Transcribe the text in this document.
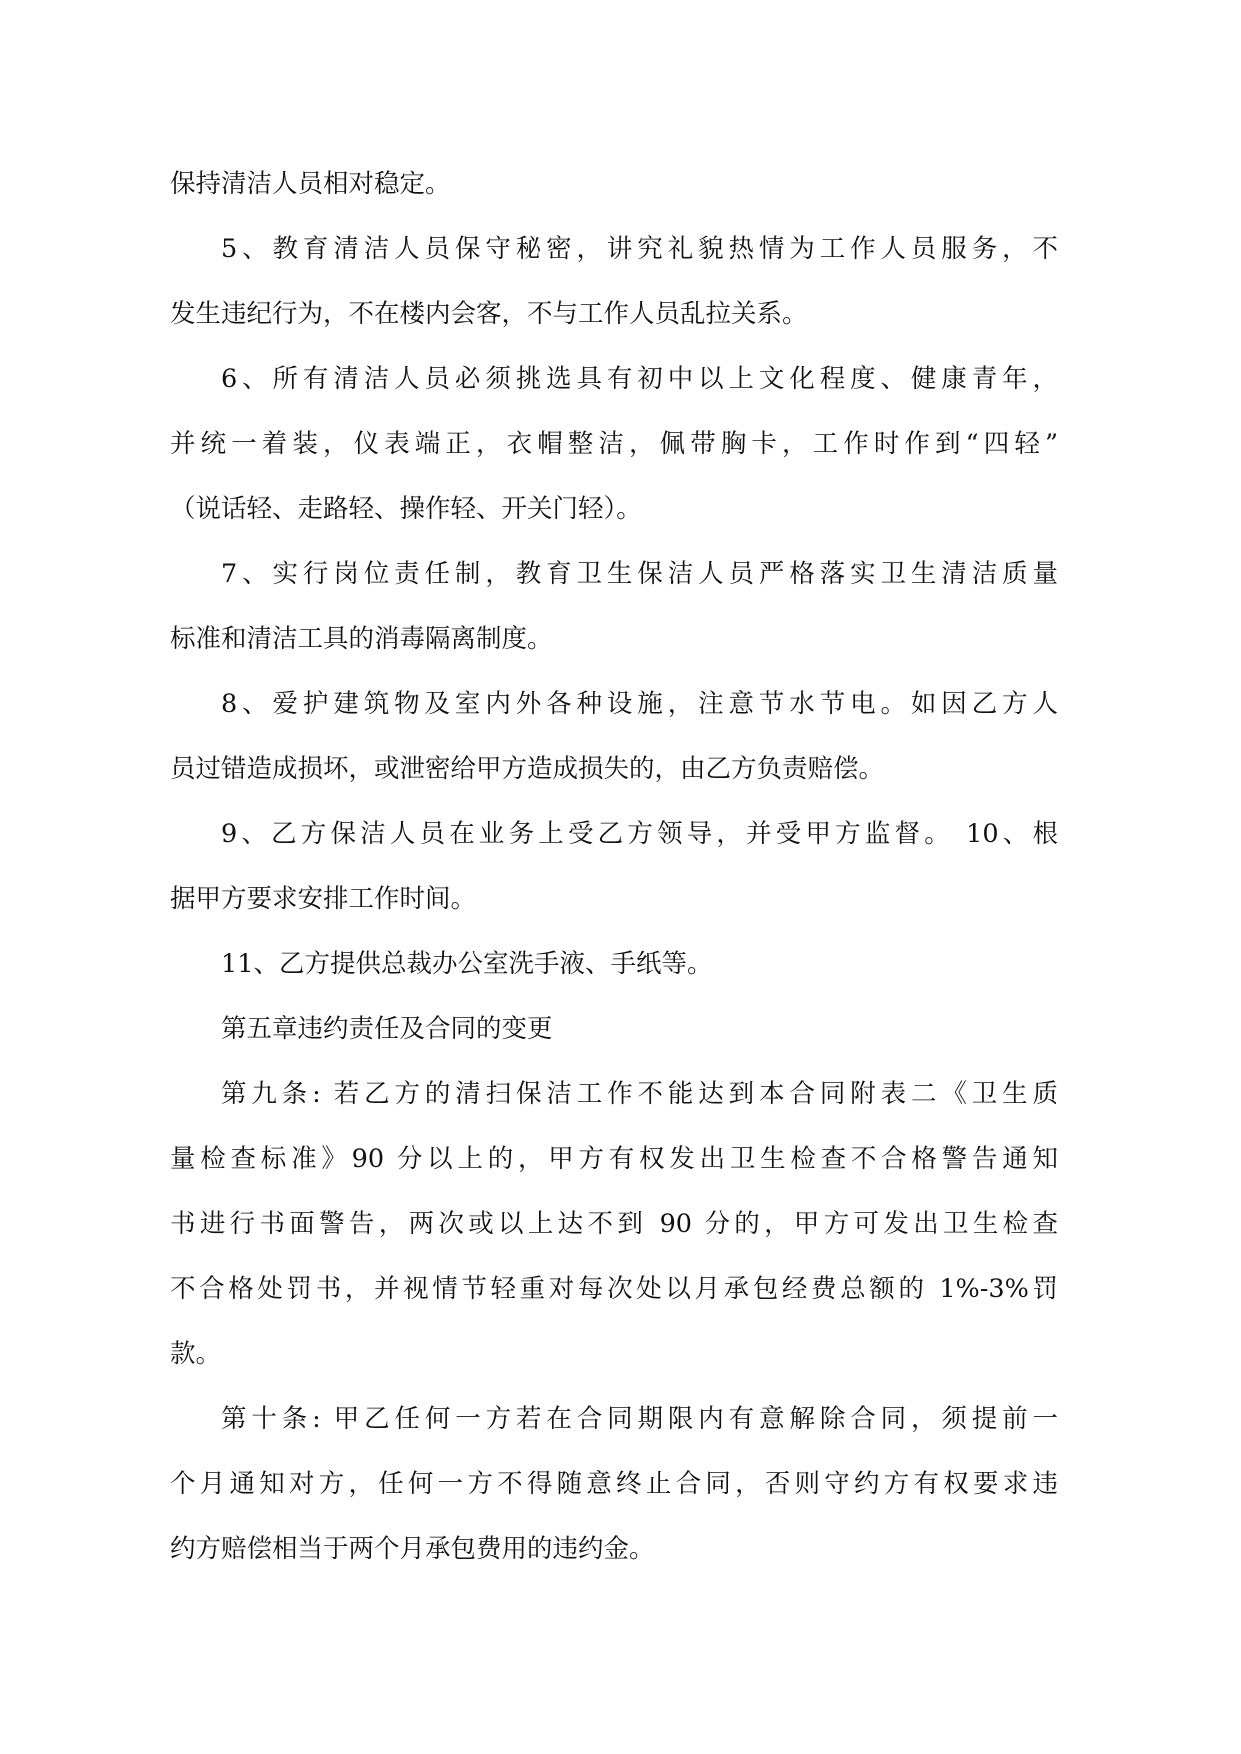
保持清洁人员相对稳定。
5、教育清洁人员保守秘密，讲究礼貌热情为工作人员服务，不
发生违纪行为，不在楼内会客，不与工作人员乱拉关系。
6、所有清洁人员必须挑选具有初中以上文化程度、健康青年，
并统一着装，仪表端正，衣帽整洁，佩带胸卡，工作时作到“四轻”
（说话轻、走路轻、操作轻、开关门轻）。
7、实行岗位责任制，教育卫生保洁人员严格落实卫生清洁质量
标准和清洁工具的消毒隔离制度。
8、爱护建筑物及室内外各种设施，注意节水节电。如因乙方人
员过错造成损坏，或泄密给甲方造成损失的，由乙方负责赔偿。
9、乙方保洁人员在业务上受乙方领导，并受甲方监督。 10、根
据甲方要求安排工作时间。
11、乙方提供总裁办公室洗手液、手纸等。
第五章违约责任及合同的变更
第九条: 若乙方的清扫保洁工作不能达到本合同附表二《卫生质
量检查标准》90 分以上的，甲方有权发出卫生检查不合格警告通知
书进行书面警告，两次或以上达不到 90 分的，甲方可发出卫生检查
不合格处罚书，并视情节轻重对每次处以月承包经费总额的 1%-3%罚
款。
第十条: 甲乙任何一方若在合同期限内有意解除合同，须提前一
个月通知对方，任何一方不得随意终止合同，否则守约方有权要求违
约方赔偿相当于两个月承包费用的违约金。
